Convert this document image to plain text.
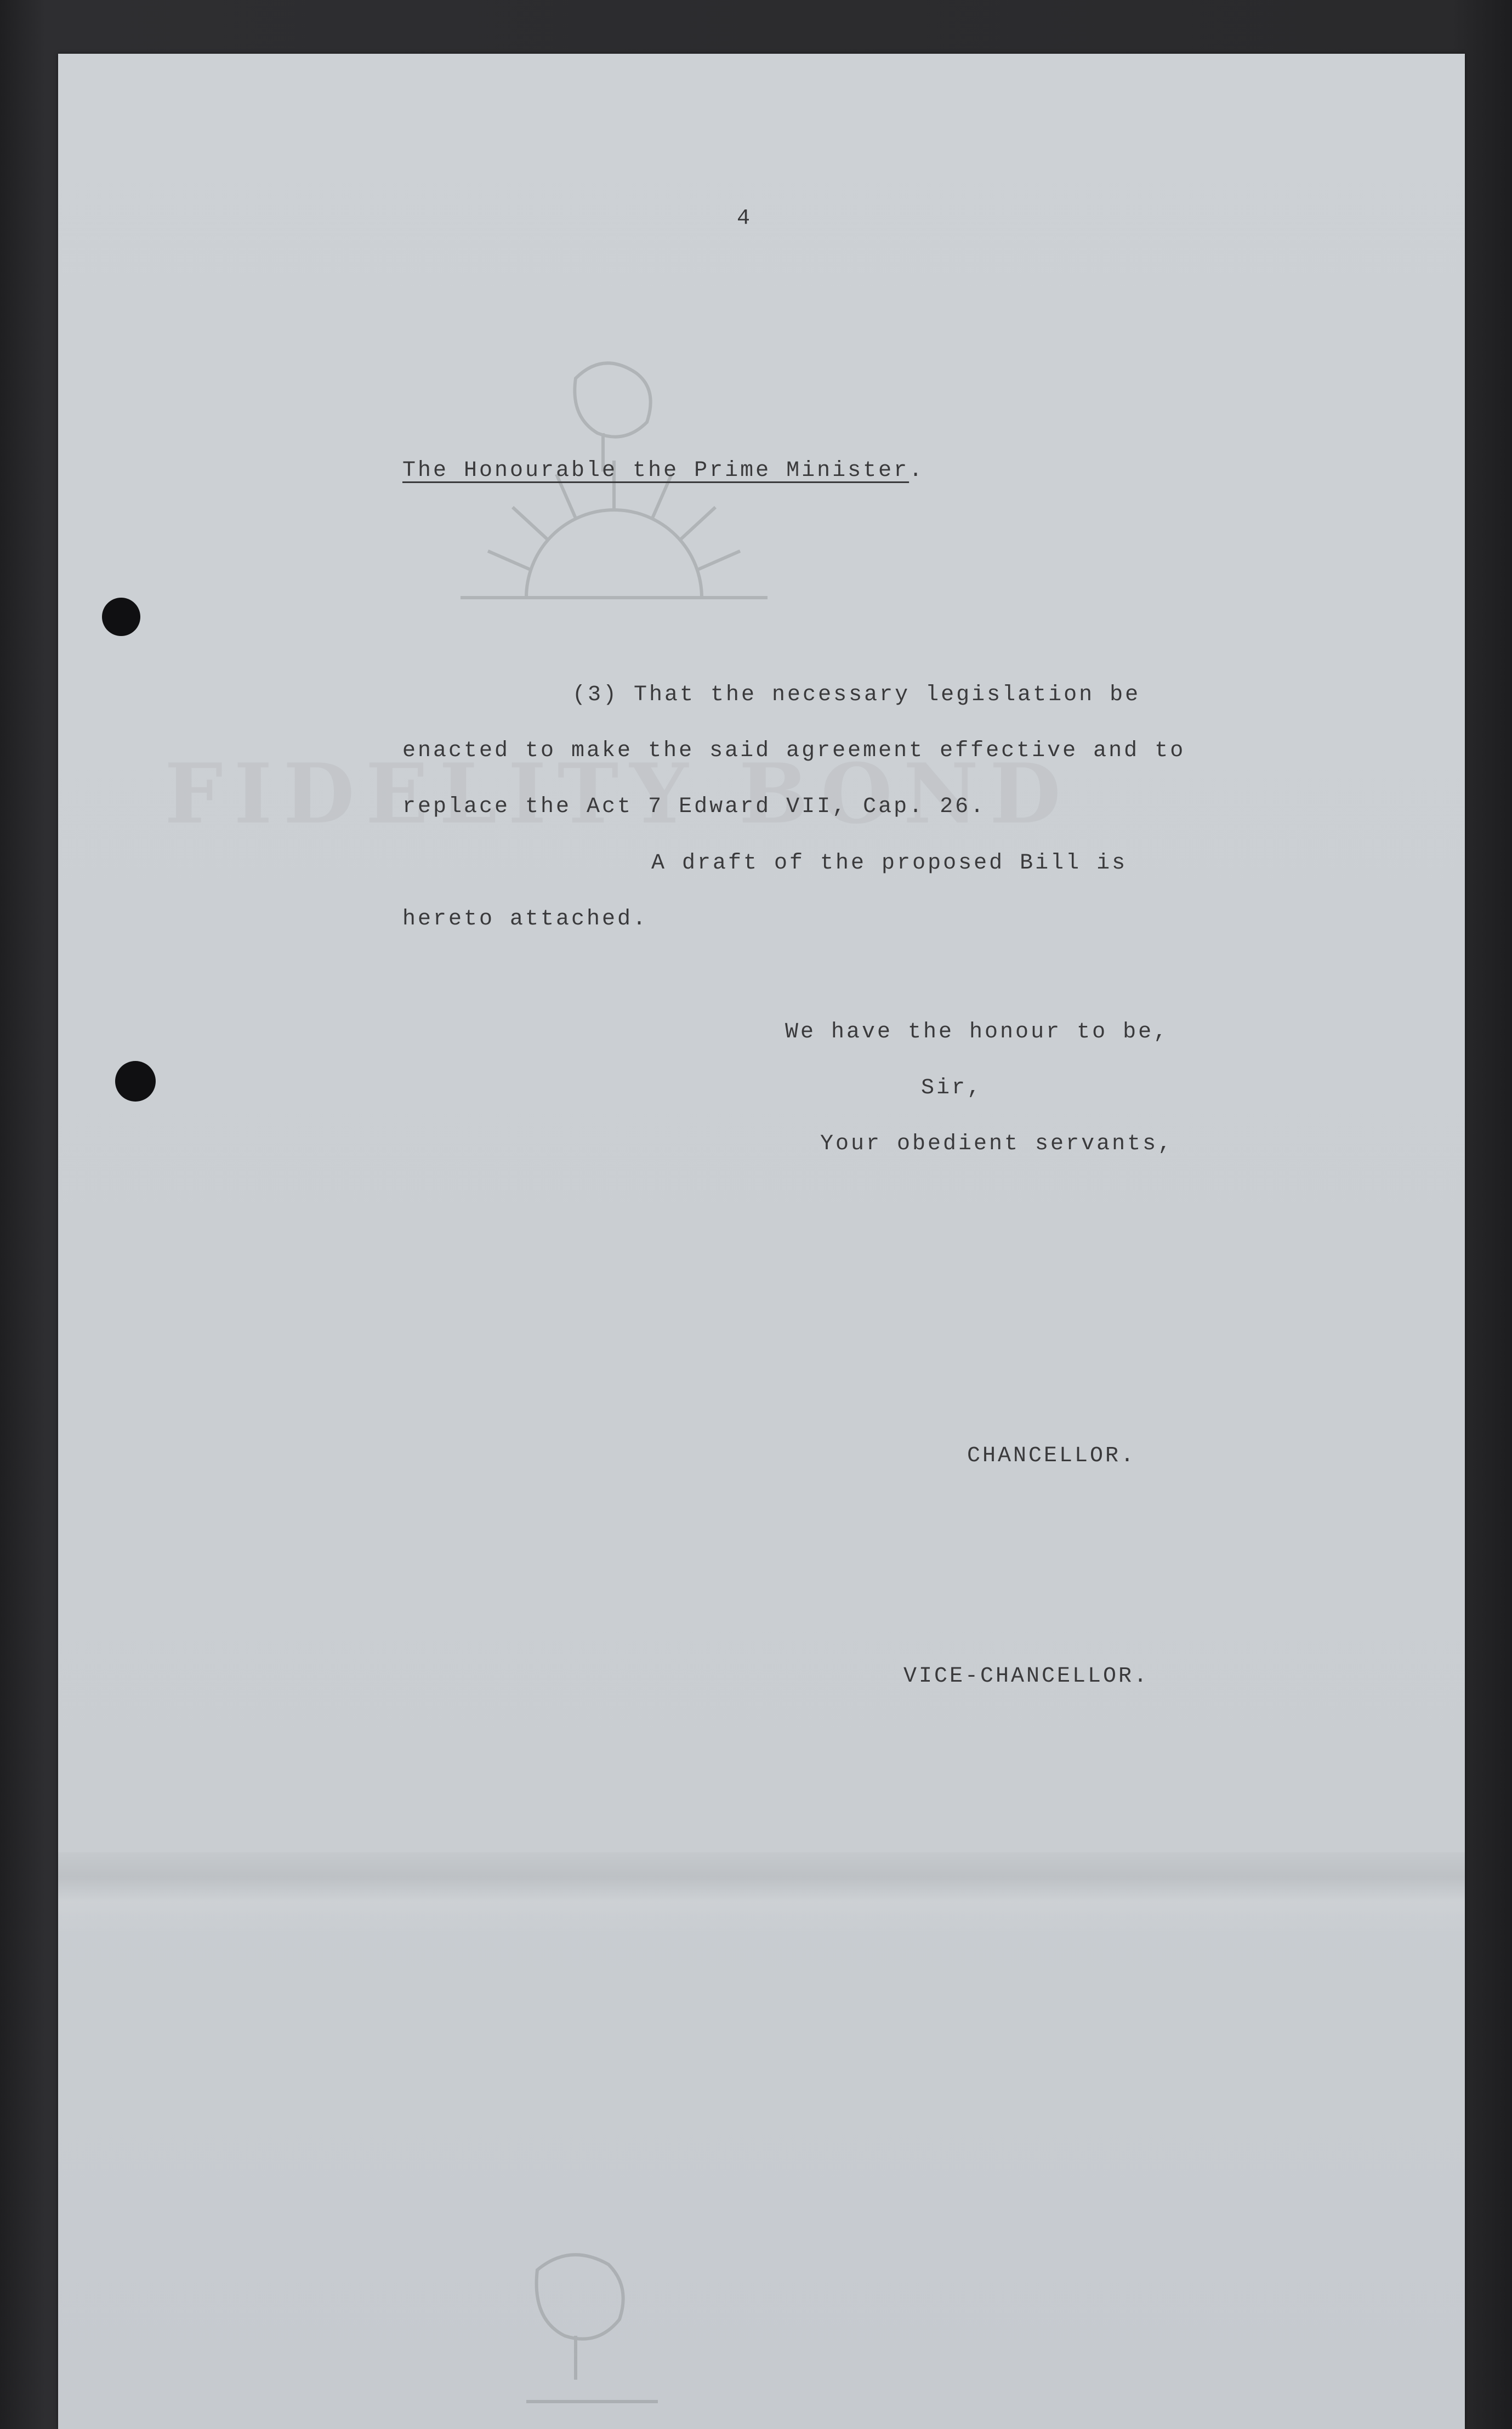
4
The Honourable the Prime Minister.
(3) That the necessary legislation be
enacted to make the said agreement effective and to
replace the Act 7 Edward VII, Cap. 26.
A draft of the proposed Bill is
hereto attached.
We have the honour to be,
Sir,
Your obedient servants,
CHANCELLOR.
VICE-CHANCELLOR.
